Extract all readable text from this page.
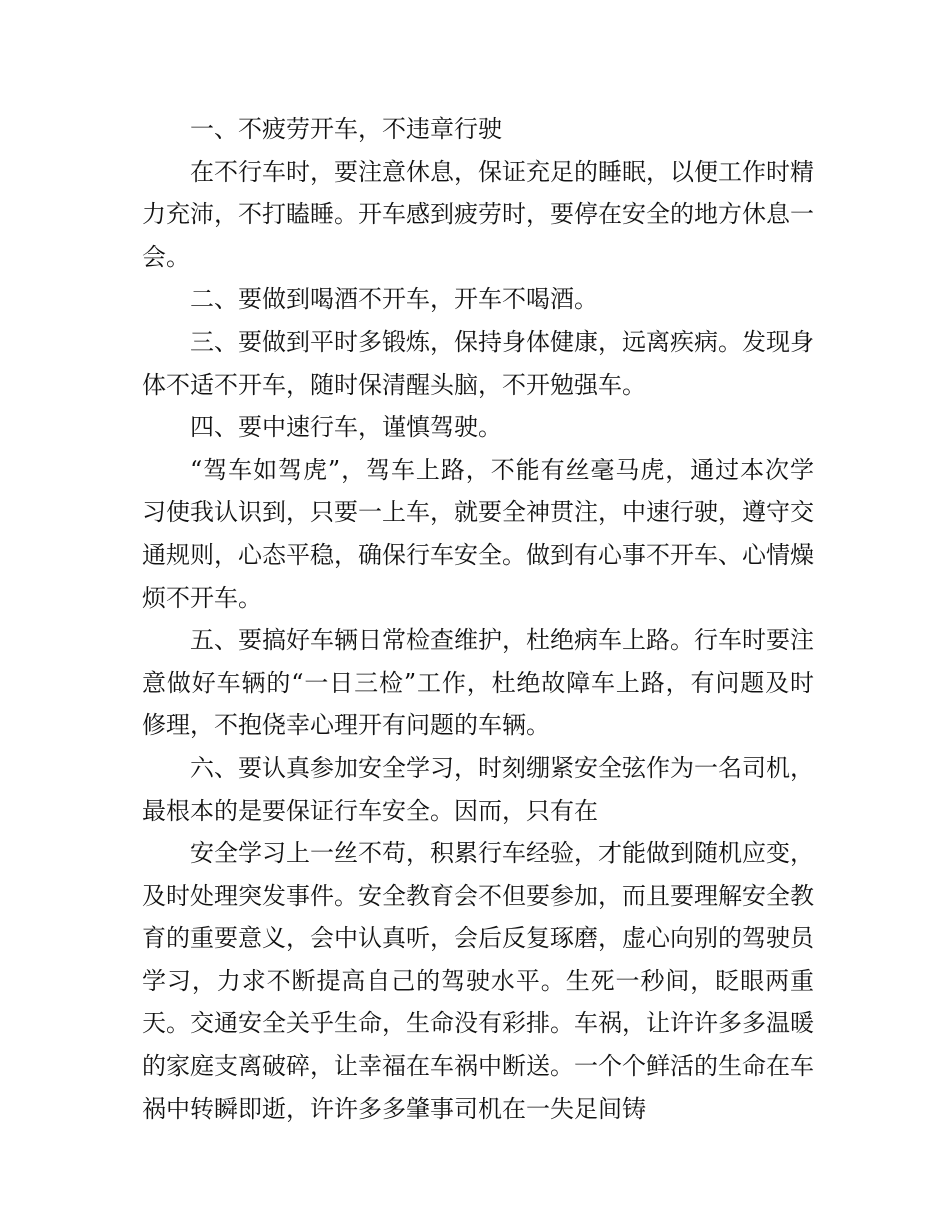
一、不疲劳开车，不违章行驶

在不行车时，要注意休息，保证充足的睡眠，以便工作时精力充沛，不打瞌睡。开车感到疲劳时，要停在安全的地方休息一会。

二、要做到喝酒不开车，开车不喝酒。

三、要做到平时多锻炼，保持身体健康，远离疾病。发现身体不适不开车，随时保清醒头脑，不开勉强车。

四、要中速行车，谨慎驾驶。

“驾车如驾虎”，驾车上路，不能有丝毫马虎，通过本次学习使我认识到，只要一上车，就要全神贯注，中速行驶，遵守交通规则，心态平稳，确保行车安全。做到有心事不开车、心情燥烦不开车。

五、要搞好车辆日常检查维护，杜绝病车上路。行车时要注意做好车辆的“一日三检”工作，杜绝故障车上路，有问题及时修理，不抱侥幸心理开有问题的车辆。

六、要认真参加安全学习，时刻绷紧安全弦作为一名司机，最根本的是要保证行车安全。因而，只有在

安全学习上一丝不苟，积累行车经验，才能做到随机应变，及时处理突发事件。安全教育会不但要参加，而且要理解安全教育的重要意义，会中认真听，会后反复琢磨，虚心向别的驾驶员学习，力求不断提高自己的驾驶水平。生死一秒间，眨眼两重天。交通安全关乎生命，生命没有彩排。车祸，让许许多多温暖的家庭支离破碎，让幸福在车祸中断送。一个个鲜活的生命在车祸中转瞬即逝，许许多多肇事司机在一失足间铸
